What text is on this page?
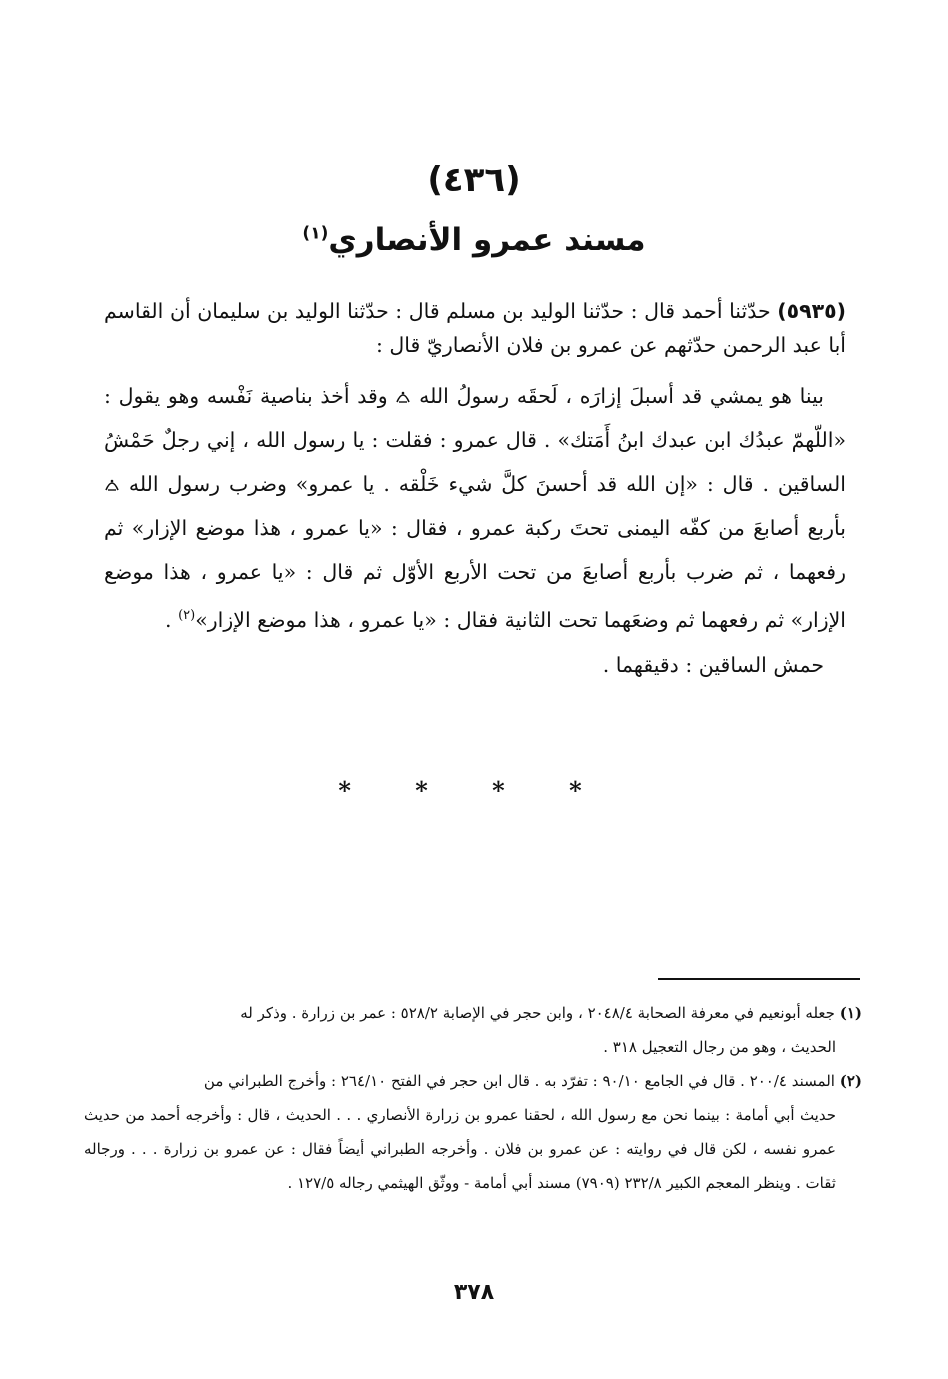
(٤٣٦)
مسند عمرو الأنصاري$^{(١)}$

(٥٩٣٥) حدّثنا أحمد قال : حدّثنا الوليد بن مسلم قال : حدّثنا الوليد بن سليمان أن القاسم أبا عبد الرحمن حدّثهم عن عمرو بن فلان الأنصاريّ قال :

بينا هو يمشي قد أسبلَ إزارَه ، لَحقَه رسولُ الله  وقد أخذ بناصية نَفْسه وهو يقول : «اللّهمّ عبدُك ابن عبدك ابنُ أَمَتك» . قال عمرو : فقلت : يا رسول الله ، إني رجلٌ حَمْشُ الساقين . قال : «إن الله قد أحسنَ كلَّ شيء خَلْقه . يا عمرو» وضرب رسول الله  بأربع أصابعَ من كفّه اليمنى تحتَ ركبة عمرو ، فقال : «يا عمرو ، هذا موضع الإزار» ثم رفعهما ، ثم ضرب بأربع أصابعَ من تحت الأربع الأوّل ثم قال : «يا عمرو ، هذا موضع الإزار» ثم رفعهما ثم وضعَهما تحت الثانية فقال : «يا عمرو ، هذا موضع الإزار»$^{(٢)}$ .

حمش الساقين : دقيقهما .

* * * *

(١) جعله أبونعيم في معرفة الصحابة ٢٠٤٨/٤ ، وابن حجر في الإصابة ٥٢٨/٢ : عمر بن زرارة . وذكر له

الحديث ، وهو من رجال التعجيل ٣١٨ .

(٢) المسند ٢٠٠/٤ . قال في الجامع ٩٠/١٠ : تفرّد به . قال ابن حجر في الفتح ٢٦٤/١٠ : وأخرج الطبراني من

حديث أبي أمامة : بينما نحن مع رسول الله ، لحقنا عمرو بن زرارة الأنصاري . . . الحديث ، قال : وأخرجه أحمد من حديث عمرو نفسه ، لكن قال في روايته : عن عمرو بن فلان . وأخرجه الطبراني أيضاً فقال : عن عمرو بن زرارة . . . ورجاله ثقات . وينظر المعجم الكبير ٢٣٢/٨ (٧٩٠٩) مسند أبي أمامة - ووثّق الهيثمي رجاله ١٢٧/٥ .

٣٧٨
